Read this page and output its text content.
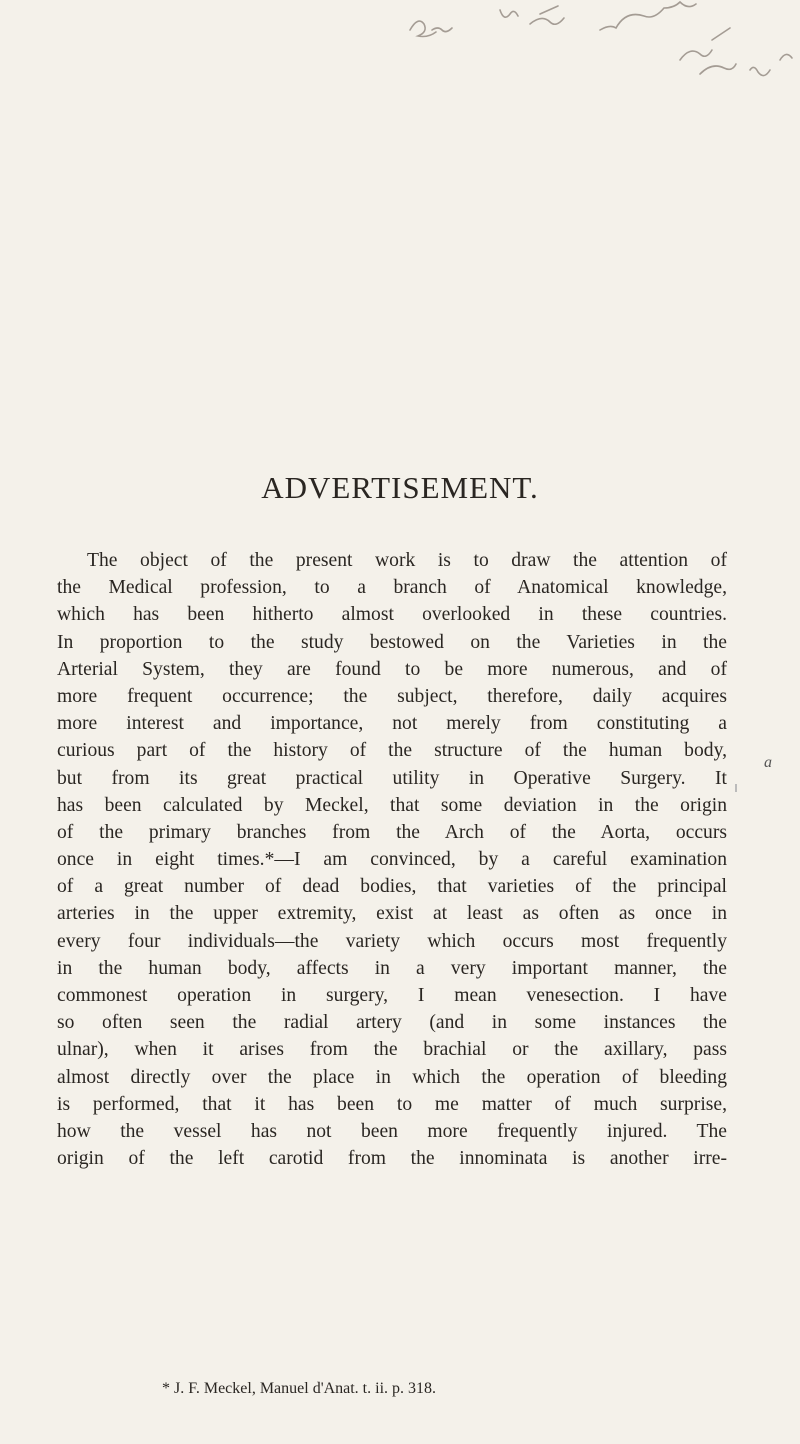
ADVERTISEMENT.
The object of the present work is to draw the attention of
the Medical profession, to a branch of Anatomical knowledge,
which has been hitherto almost overlooked in these countries.
In proportion to the study bestowed on the Varieties in the
Arterial System, they are found to be more numerous, and of
more frequent occurrence; the subject, therefore, daily acquires
more interest and importance, not merely from constituting a
curious part of the history of the structure of the human body,
but from its great practical utility in Operative Surgery. It
has been calculated by Meckel, that some deviation in the origin
of the primary branches from the Arch of the Aorta, occurs
once in eight times.*—I am convinced, by a careful examination
of a great number of dead bodies, that varieties of the principal
arteries in the upper extremity, exist at least as often as once in
every four individuals—the variety which occurs most frequently
in the human body, affects in a very important manner, the
commonest operation in surgery, I mean venesection. I have
so often seen the radial artery (and in some instances the
ulnar), when it arises from the brachial or the axillary, pass
almost directly over the place in which the operation of bleeding
is performed, that it has been to me matter of much surprise,
how the vessel has not been more frequently injured. The
origin of the left carotid from the innominata is another irre-
a
* J. F. Meckel, Manuel d'Anat. t. ii. p. 318.
